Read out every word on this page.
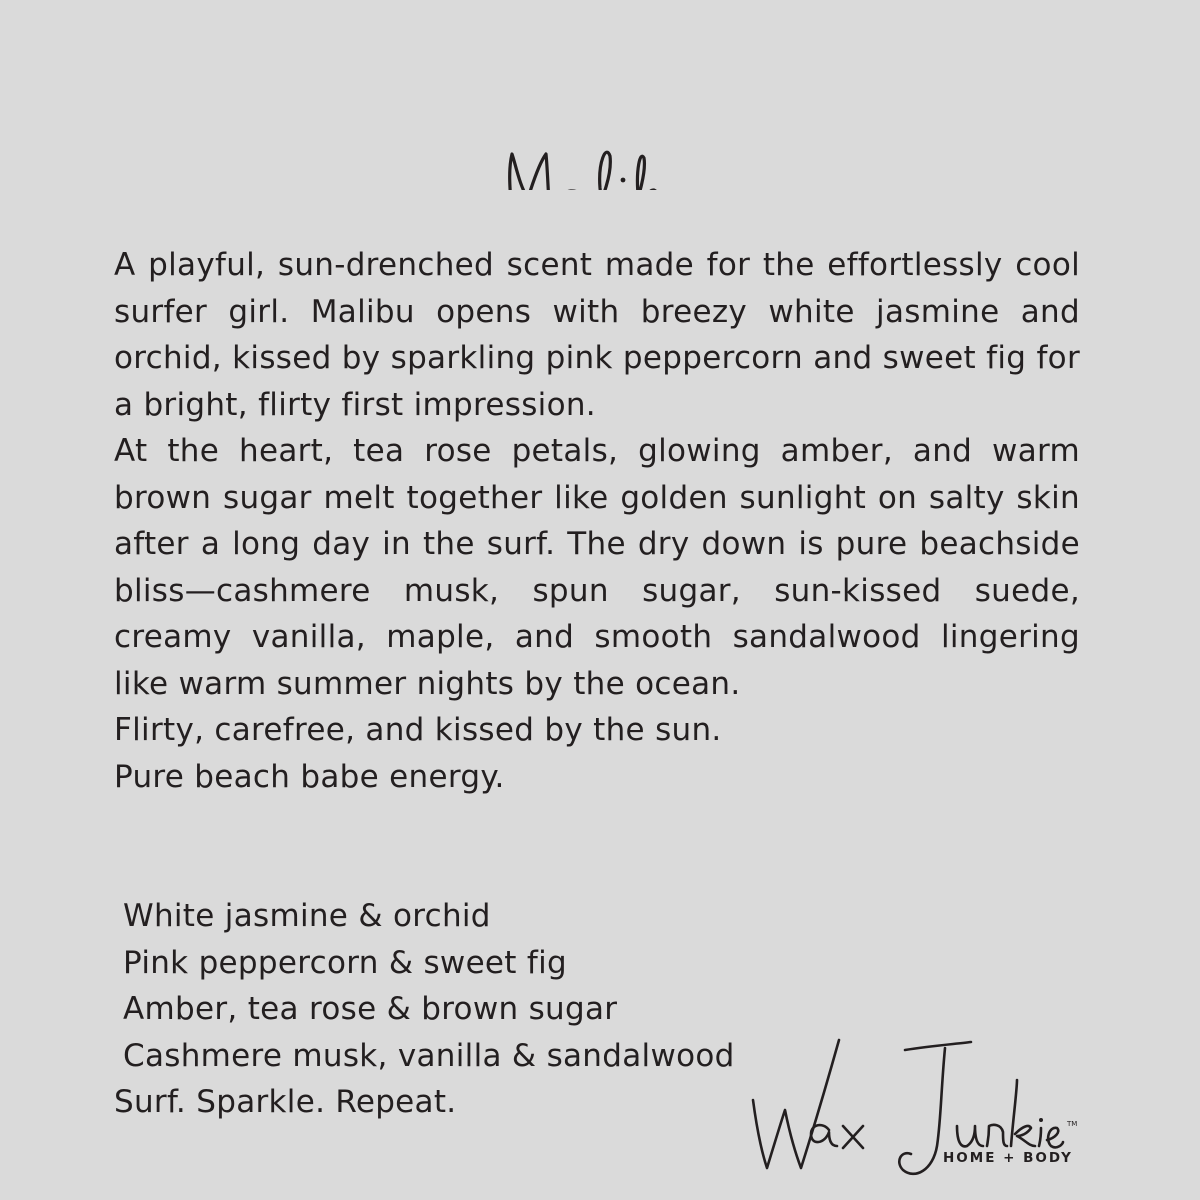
A playful, sun-drenched scent made for the effortlessly cool surfer girl. Malibu opens with breezy white jasmine and orchid, kissed by sparkling pink peppercorn and sweet fig for a bright, flirty first impression.

At the heart, tea rose petals, glowing amber, and warm brown sugar melt together like golden sunlight on salty skin after a long day in the surf. The dry down is pure beachside bliss—cashmere musk, spun sugar, sun-kissed suede, creamy vanilla, maple, and smooth sandalwood lingering like warm summer nights by the ocean.

Flirty, carefree, and kissed by the sun.

Pure beach babe energy.

White jasmine & orchid
Pink peppercorn & sweet fig
Amber, tea rose & brown sugar
Cashmere musk, vanilla & sandalwood
Surf. Sparkle. Repeat.
TM
HOME + BODY
